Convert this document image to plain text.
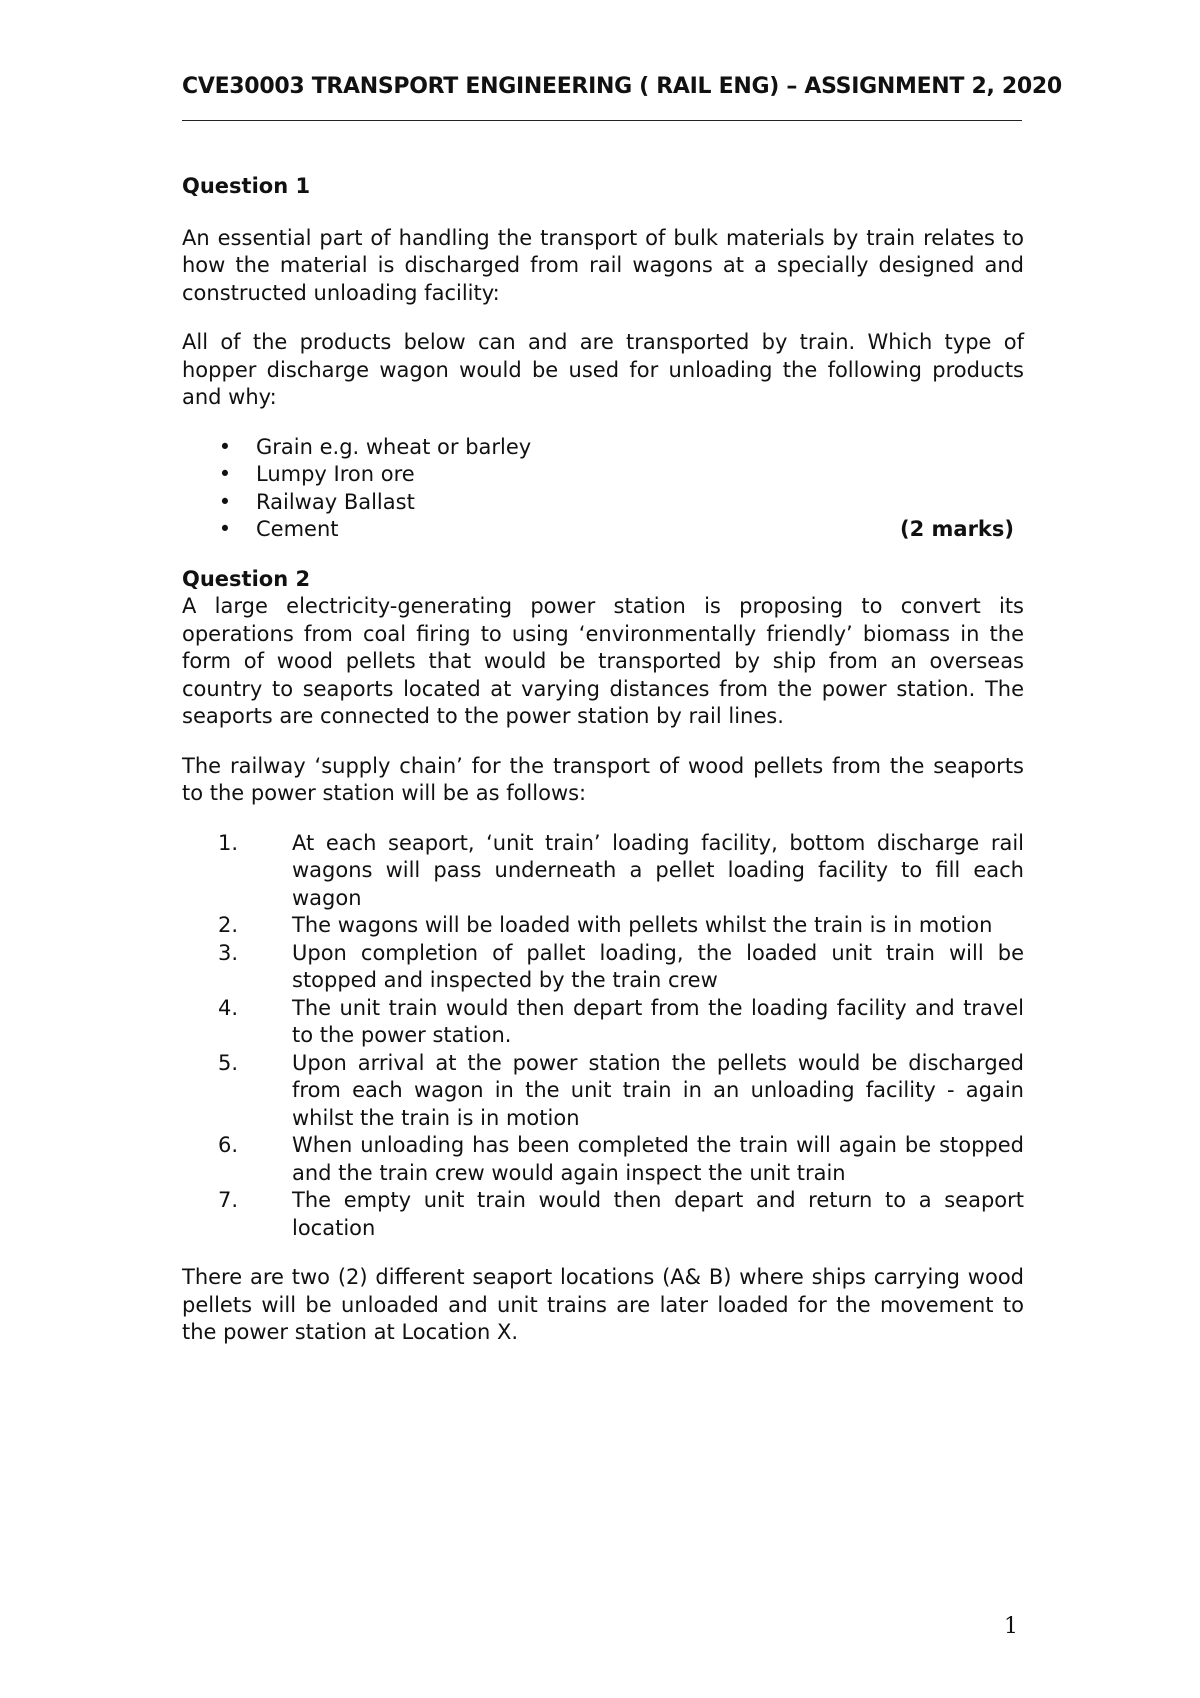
CVE30003 TRANSPORT ENGINEERING ( RAIL ENG) – ASSIGNMENT 2, 2020

Question 1

An essential part of handling the transport of bulk materials by train relates to how the material is discharged from rail wagons at a specially designed and constructed unloading facility:

All of the products below can and are transported by train. Which type of hopper discharge wagon would be used for unloading the following products and why:

• Grain e.g. wheat or barley
• Lumpy Iron ore
• Railway Ballast
• Cement	(2 marks)

Question 2

A large electricity-generating power station is proposing to convert its operations from coal firing to using ‘environmentally friendly’ biomass in the form of wood pellets that would be transported by ship from an overseas country to seaports located at varying distances from the power station. The seaports are connected to the power station by rail lines.

The railway ‘supply chain’ for the transport of wood pellets from the seaports to the power station will be as follows:

1.	At each seaport, ‘unit train’ loading facility, bottom discharge rail wagons will pass underneath a pellet loading facility to fill each wagon
2.	The wagons will be loaded with pellets whilst the train is in motion
3.	Upon completion of pallet loading, the loaded unit train will be stopped and inspected by the train crew
4.	The unit train would then depart from the loading facility and travel to the power station.
5.	Upon arrival at the power station the pellets would be discharged from each wagon in the unit train in an unloading facility - again whilst the train is in motion
6.	When unloading has been completed the train will again be stopped and the train crew would again inspect the unit train
7.	The empty unit train would then depart and return to a seaport location

There are two (2) different seaport locations (A& B) where ships carrying wood pellets will be unloaded and unit trains are later loaded for the movement to the power station at Location X.

1
